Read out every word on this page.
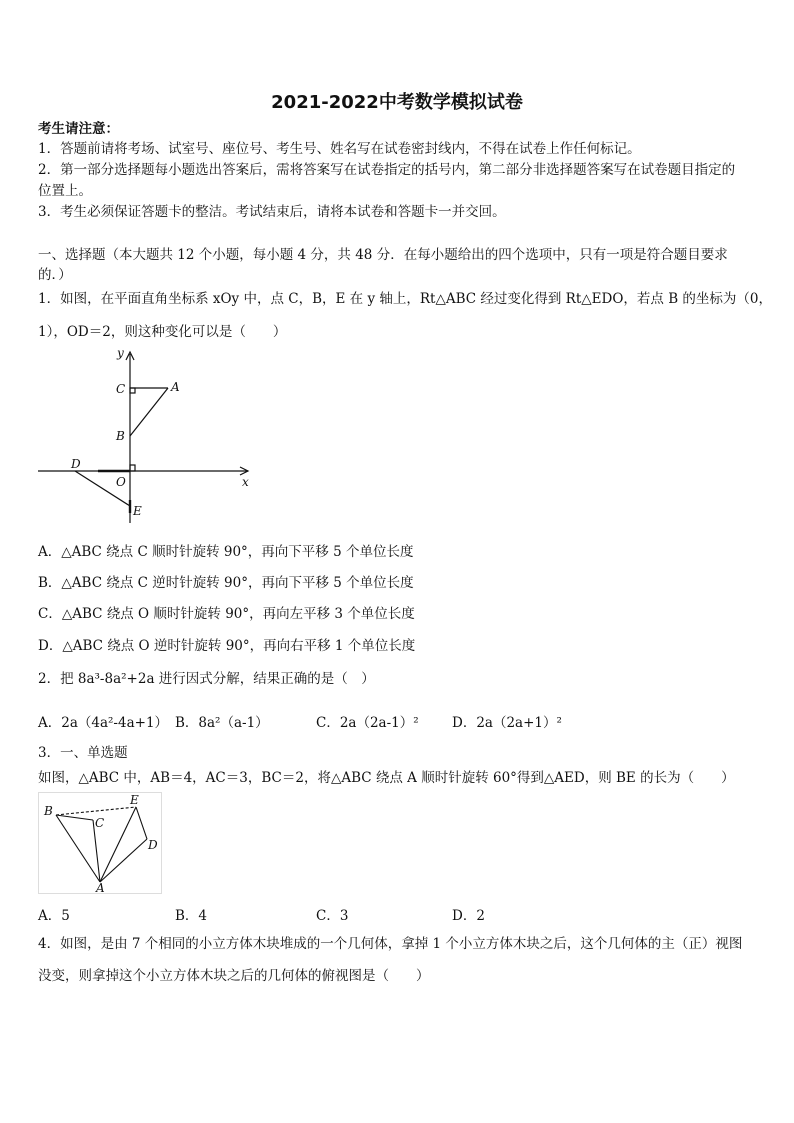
2021-2022中考数学模拟试卷
考生请注意：
1．答题前请将考场、试室号、座位号、考生号、姓名写在试卷密封线内，不得在试卷上作任何标记。
2．第一部分选择题每小题选出答案后，需将答案写在试卷指定的括号内，第二部分非选择题答案写在试卷题目指定的
位置上。
3．考生必须保证答题卡的整洁。考试结束后，请将本试卷和答题卡一并交回。
一、选择题（本大题共 12 个小题，每小题 4 分，共 48 分．在每小题给出的四个选项中，只有一项是符合题目要求
的．）
1．如图，在平面直角坐标系 xOy 中，点 C，B，E 在 y 轴上，Rt△ABC 经过变化得到 Rt△EDO，若点 B 的坐标为（0，
1），OD＝2，则这种变化可以是（　　）
y
x
C	A
B
D
O
E
A．△ABC 绕点 C 顺时针旋转 90°，再向下平移 5 个单位长度
B．△ABC 绕点 C 逆时针旋转 90°，再向下平移 5 个单位长度
C．△ABC 绕点 O 顺时针旋转 90°，再向左平移 3 个单位长度
D．△ABC 绕点 O 逆时针旋转 90°，再向右平移 1 个单位长度
2．把 8a³-8a²+2a 进行因式分解，结果正确的是（　）
A．2a（4a²-4a+1） B．8a²（a-1）	C．2a（2a-1）² D．2a（2a+1）²
3．一、单选题
如图，△ABC 中，AB＝4，AC＝3，BC＝2，将△ABC 绕点 A 顺时针旋转 60°得到△AED，则 BE 的长为（　　）
B
C
E
D
A
A．5	B．4	C．3	D．2
4．如图，是由 7 个相同的小立方体木块堆成的一个几何体，拿掉 1 个小立方体木块之后，这个几何体的主（正）视图
没变，则拿掉这个小立方体木块之后的几何体的俯视图是（　　）
